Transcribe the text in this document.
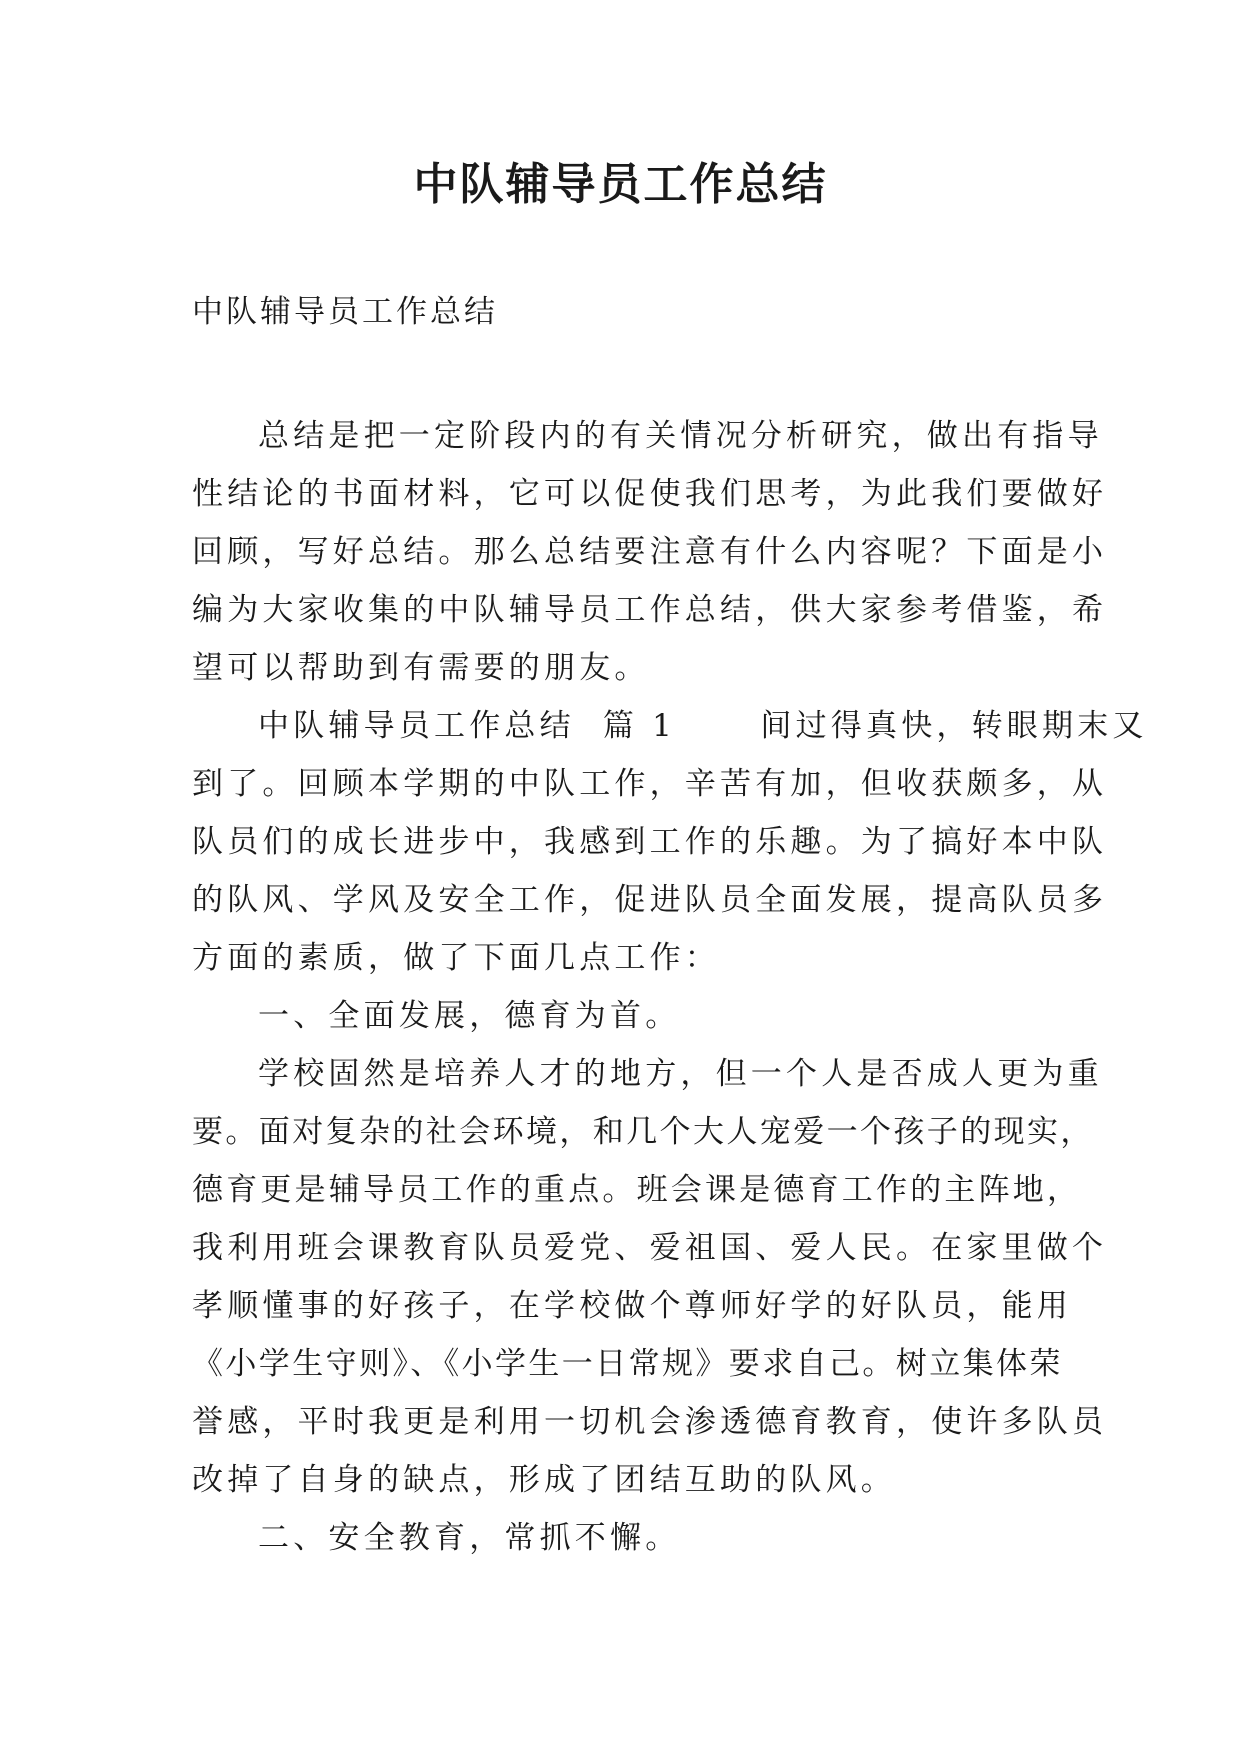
中队辅导员工作总结

中队辅导员工作总结

总结是把一定阶段内的有关情况分析研究，做出有指导
性结论的书面材料，它可以促使我们思考，为此我们要做好
回顾，写好总结。那么总结要注意有什么内容呢？下面是小
编为大家收集的中队辅导员工作总结，供大家参考借鉴，希
望可以帮助到有需要的朋友。
中队辅导员工作总结  篇 1      间过得真快，转眼期末又
到了。回顾本学期的中队工作，辛苦有加，但收获颇多，从
队员们的成长进步中，我感到工作的乐趣。为了搞好本中队
的队风、学风及安全工作，促进队员全面发展，提高队员多
方面的素质，做了下面几点工作：
一、全面发展，德育为首。
学校固然是培养人才的地方，但一个人是否成人更为重
要。面对复杂的社会环境，和几个大人宠爱一个孩子的现实，
德育更是辅导员工作的重点。班会课是德育工作的主阵地，
我利用班会课教育队员爱党、爱祖国、爱人民。在家里做个
孝顺懂事的好孩子，在学校做个尊师好学的好队员，能用
《小学生守则》、《小学生一日常规》要求自己。树立集体荣
誉感，平时我更是利用一切机会渗透德育教育，使许多队员
改掉了自身的缺点，形成了团结互助的队风。
二、安全教育，常抓不懈。
